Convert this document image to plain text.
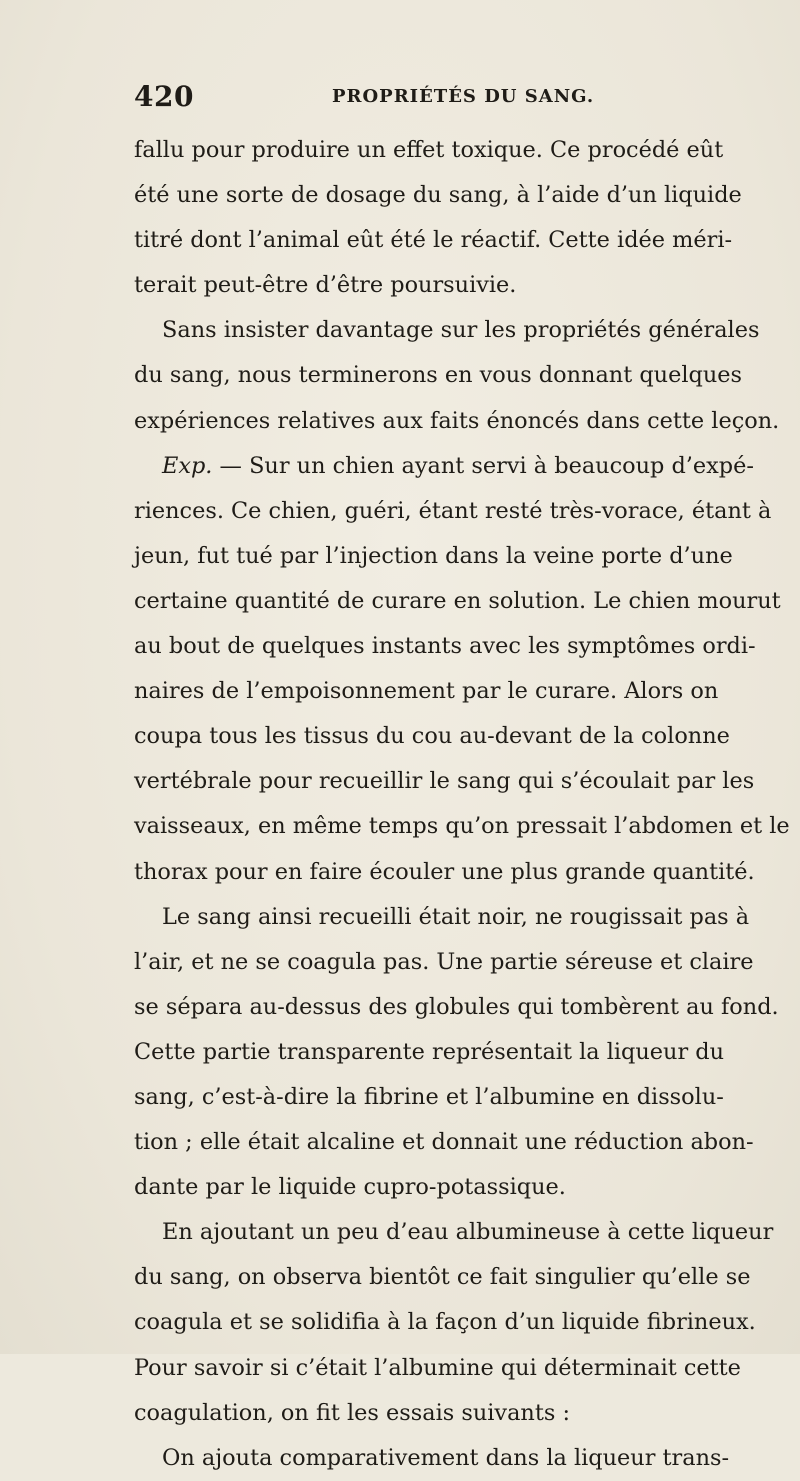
420	PROPRIÉTÉS DU SANG.
fallu pour produire un effet toxique. Ce procédé eût
été une sorte de dosage du sang, à l’aide d’un liquide
titré dont l’animal eût été le réactif. Cette idée méri-
terait peut-être d’être poursuivie.
Sans insister davantage sur les propriétés générales
du sang, nous terminerons en vous donnant quelques
expériences relatives aux faits énoncés dans cette leçon.
Exp. — Sur un chien ayant servi à beaucoup d’expé-
riences. Ce chien, guéri, étant resté très-vorace, étant à
jeun, fut tué par l’injection dans la veine porte d’une
certaine quantité de curare en solution. Le chien mourut
au bout de quelques instants avec les symptômes ordi-
naires de l’empoisonnement par le curare. Alors on
coupa tous les tissus du cou au-devant de la colonne
vertébrale pour recueillir le sang qui s’écoulait par les
vaisseaux, en même temps qu’on pressait l’abdomen et le
thorax pour en faire écouler une plus grande quantité.
Le sang ainsi recueilli était noir, ne rougissait pas à
l’air, et ne se coagula pas. Une partie séreuse et claire
se sépara au-dessus des globules qui tombèrent au fond.
Cette partie transparente représentait la liqueur du
sang, c’est-à-dire la fibrine et l’albumine en dissolu-
tion ; elle était alcaline et donnait une réduction abon-
dante par le liquide cupro-potassique.
En ajoutant un peu d’eau albumineuse à cette liqueur
du sang, on observa bientôt ce fait singulier qu’elle se
coagula et se solidifia à la façon d’un liquide fibrineux.
Pour savoir si c’était l’albumine qui déterminait cette
coagulation, on fit les essais suivants :
On ajouta comparativement dans la liqueur trans-
